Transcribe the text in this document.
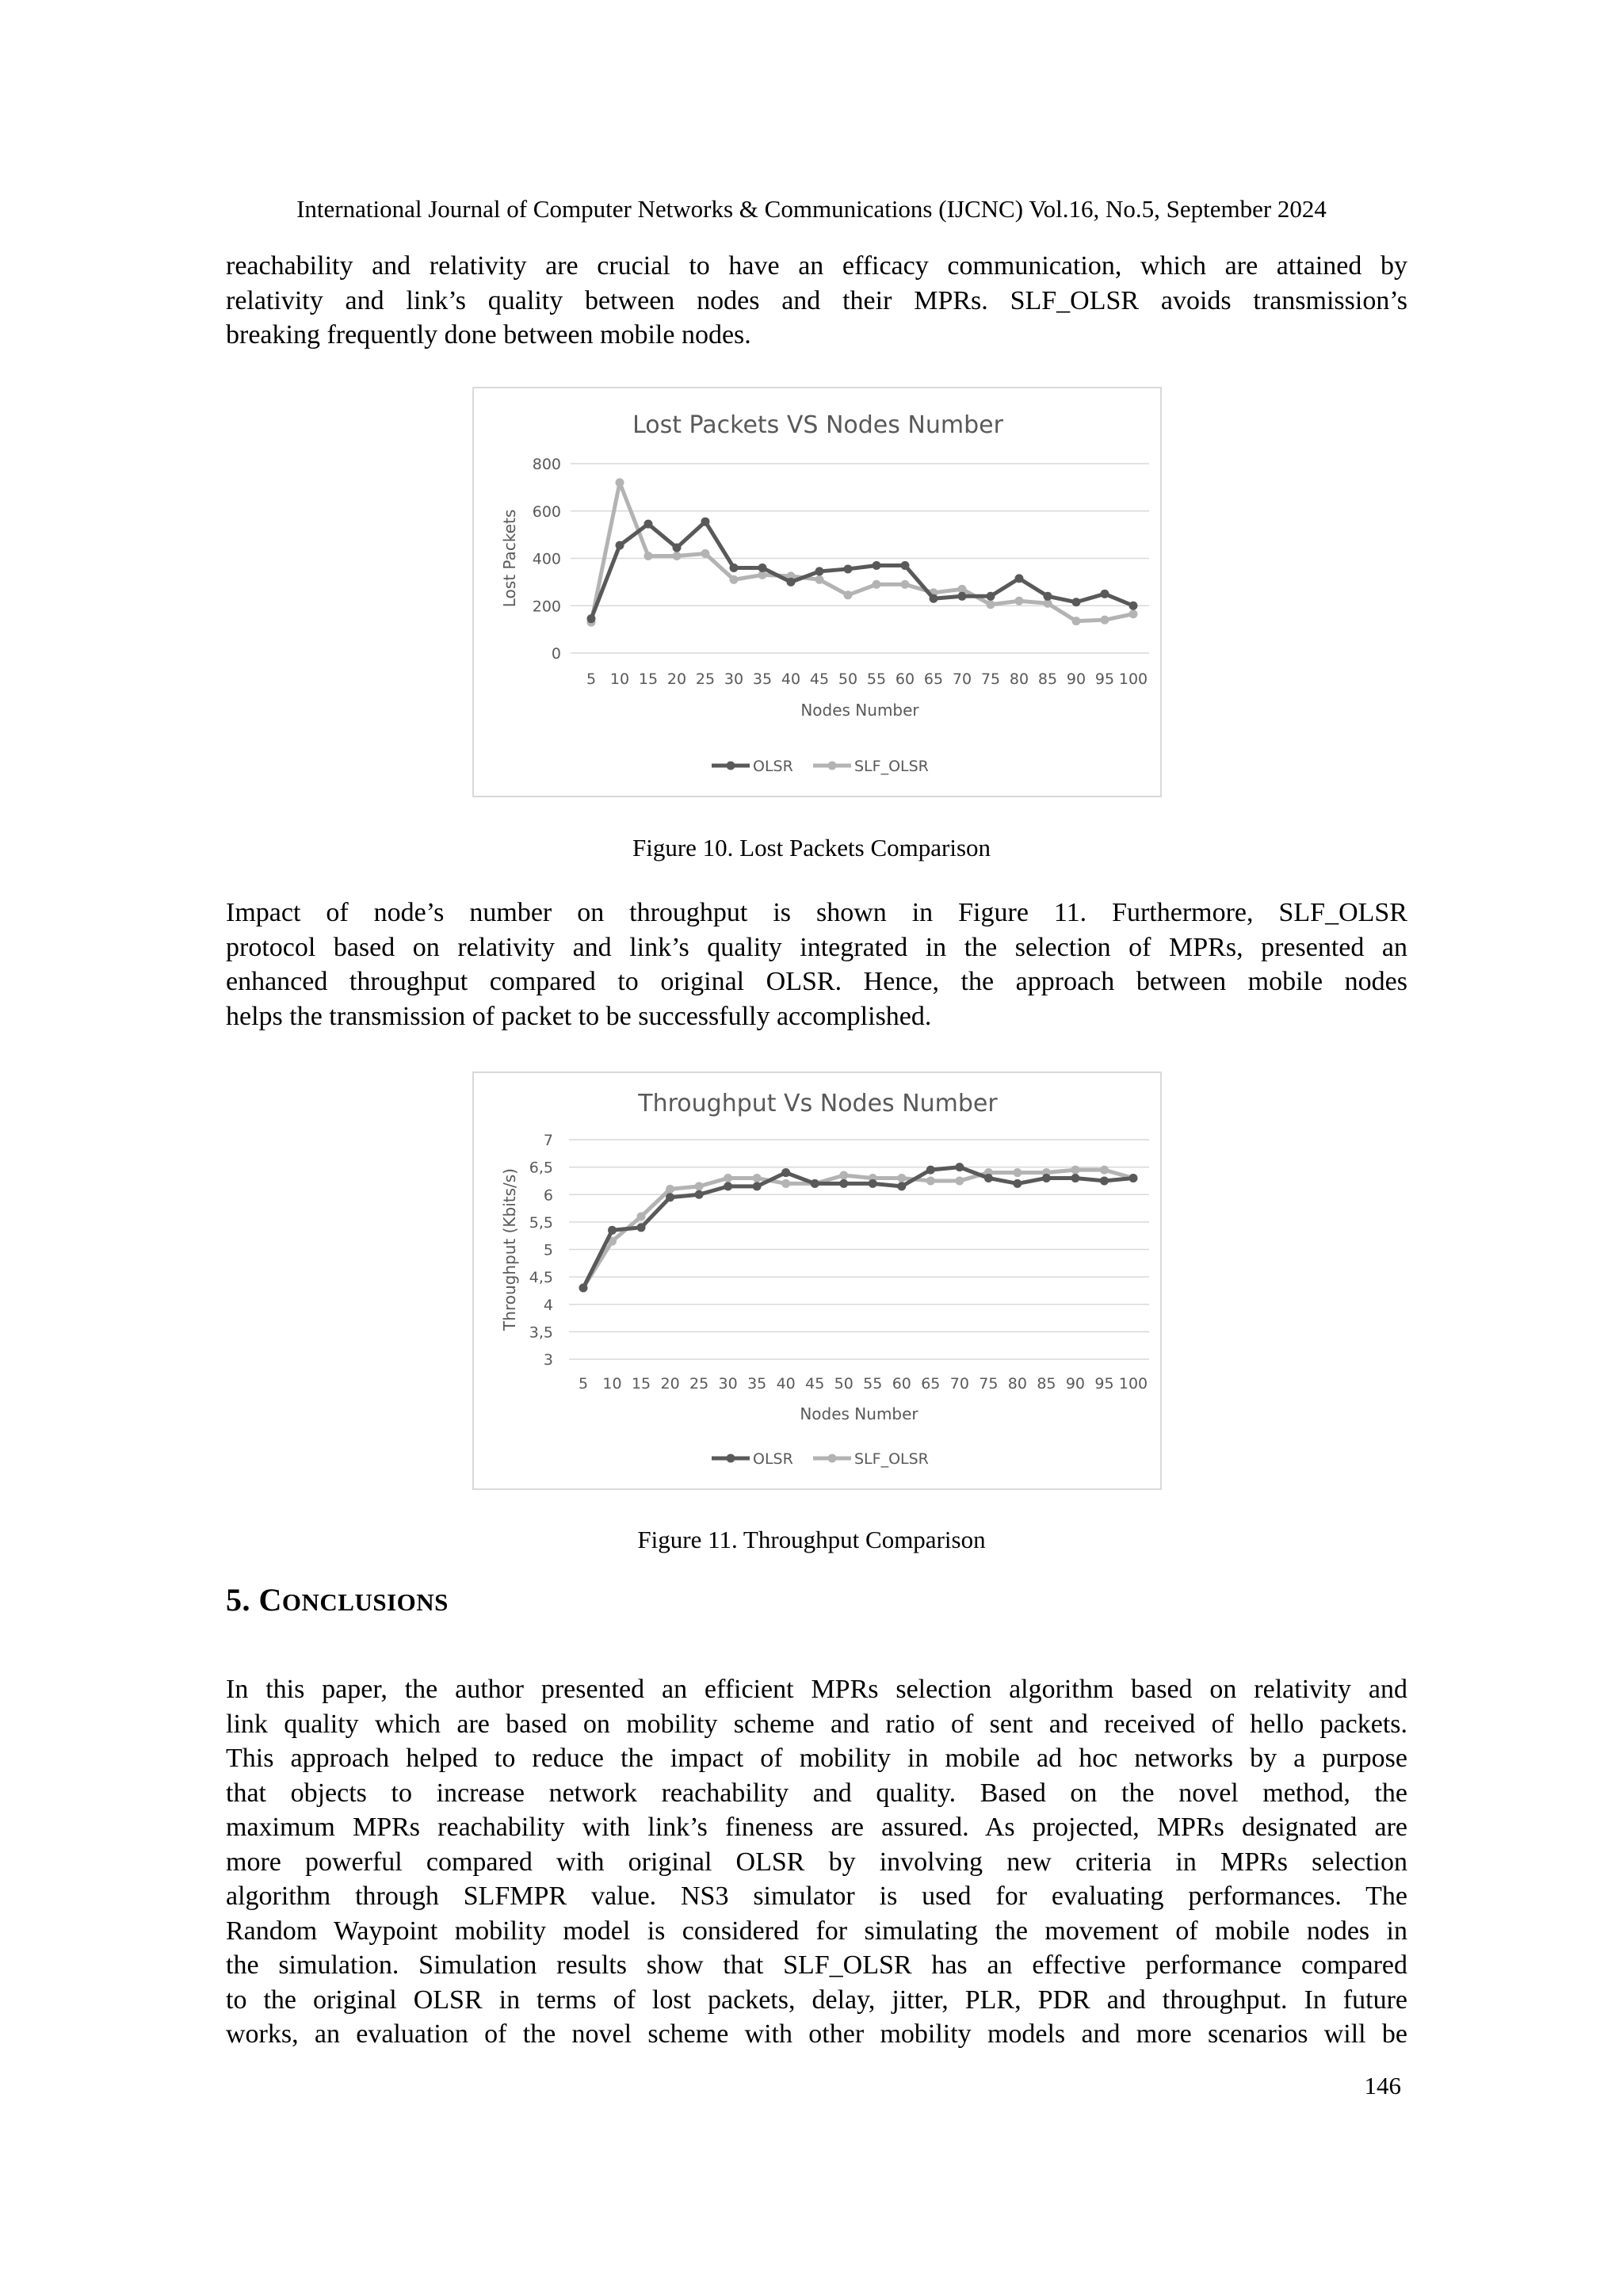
International Journal of Computer Networks & Communications (IJCNC) Vol.16, No.5, September 2024
reachability and relativity are crucial to have an efficacy communication, which are attained by
relativity and link’s quality between nodes and their MPRs. SLF_OLSR avoids transmission’s
breaking frequently done between mobile nodes.
Lost Packets VS Nodes Number
0
200
400
600
800
5 10 15 20 25 30 35 40 45 50 55 60 65 70 75 80 85 90 95 100
Nodes Number
Lost Packets
OLSR	SLF_OLSR
Figure 10. Lost Packets Comparison
Impact of node’s number on throughput is shown in Figure 11. Furthermore, SLF_OLSR
protocol based on relativity and link’s quality integrated in the selection of MPRs, presented an
enhanced throughput compared to original OLSR. Hence, the approach between mobile nodes
helps the transmission of packet to be successfully accomplished.
Throughput Vs Nodes Number
3
3,5
4
4,5
5
5,5
6
6,5
7
5 10 15 20 25 30 35 40 45 50 55 60 65 70 75 80 85 90 95 100
Nodes Number
Throughput (Kbits/s)
OLSR	SLF_OLSR
Figure 11. Throughput Comparison
5. CONCLUSIONS
In this paper, the author presented an efficient MPRs selection algorithm based on relativity and
link quality which are based on mobility scheme and ratio of sent and received of hello packets.
This approach helped to reduce the impact of mobility in mobile ad hoc networks by a purpose
that objects to increase network reachability and quality. Based on the novel method, the
maximum MPRs reachability with link’s fineness are assured. As projected, MPRs designated are
more powerful compared with original OLSR by involving new criteria in MPRs selection
algorithm through SLFMPR value. NS3 simulator is used for evaluating performances. The
Random Waypoint mobility model is considered for simulating the movement of mobile nodes in
the simulation. Simulation results show that SLF_OLSR has an effective performance compared
to the original OLSR in terms of lost packets, delay, jitter, PLR, PDR and throughput. In future
works, an evaluation of the novel scheme with other mobility models and more scenarios will be
146
